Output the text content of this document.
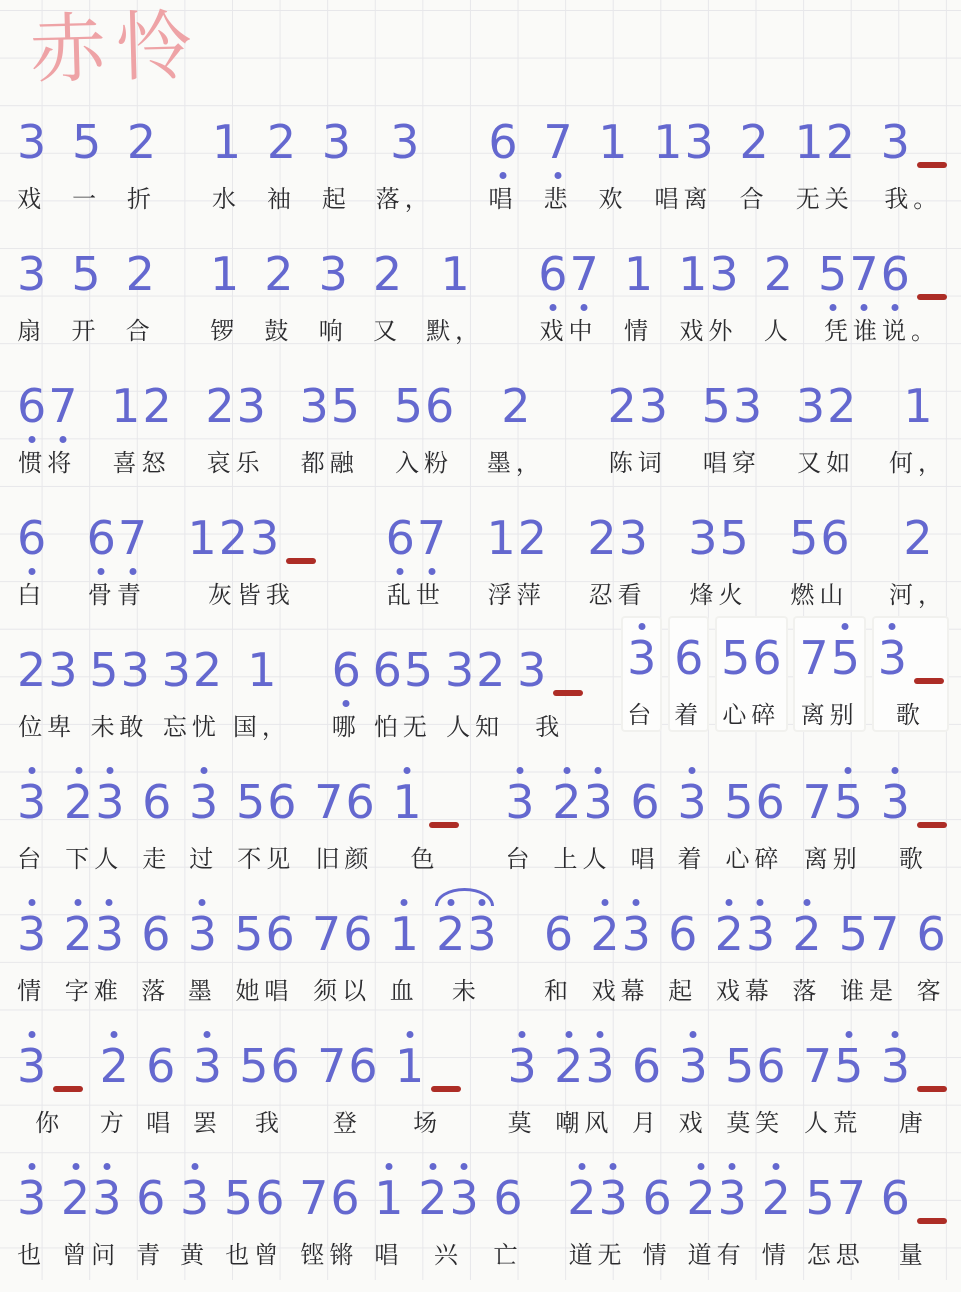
赤怜
3
戏
5
一
2
折
1
水
2
袖
3
起
3
落，
6
唱
7
悲
1
欢
1 3
唱离
2
合
1 2
无关
3
我。
3
扇
5
开
2
合
1
锣
2
鼓
3
响
2
又
1
默，
6 7
戏中
1
情
1 3
戏外
2
人
5 7 6
凭谁说。
6 7
惯将
1 2
喜怒
2 3
哀乐
3 5
都融
5 6
入粉
2
墨，
2 3
陈词
5 3
唱穿
3 2
又如
1
何，
6
白
6 7
骨青
1 2 3
灰皆我
6 7
乱世
1 2
浮萍
2 3
忍看
3 5
烽火
5 6
燃山
2
河，
2 3
位卑
5 3
未敢
3 2
忘忧
1
国，
6
哪
6 5
怕无
3 2
人知
3
我
3
台
6
着
5 6
心碎
7 5
离别
3
歌
3
台
2 3
下人
6
走
3
过
5 6
不见
7 6
旧颜
1
色
3
台
2 3
上人
6
唱
3
着
5 6
心碎
7 5
离别
3
歌
3
情
2 3
字难
6
落
3
墨
5 6
她唱
7 6
须以
1
血
2 3
未
6
和
2 3
戏幕
6
起
2 3
戏幕
2
落
5 7
谁是
6
客
3
你
2
方
6
唱
3
罢
5 6
我
7 6
登
1
场
3
莫
2 3
嘲风
6
月
3
戏
5 6
莫笑
7 5
人荒
3
唐
3
也
2 3
曾问
6
青
3
黄
5 6
也曾
7 6
铿锵
1
唱
2 3
兴
6
亡
2 3
道无
6
情
2 3
道有
2
情
5 7
怎思
6
量
